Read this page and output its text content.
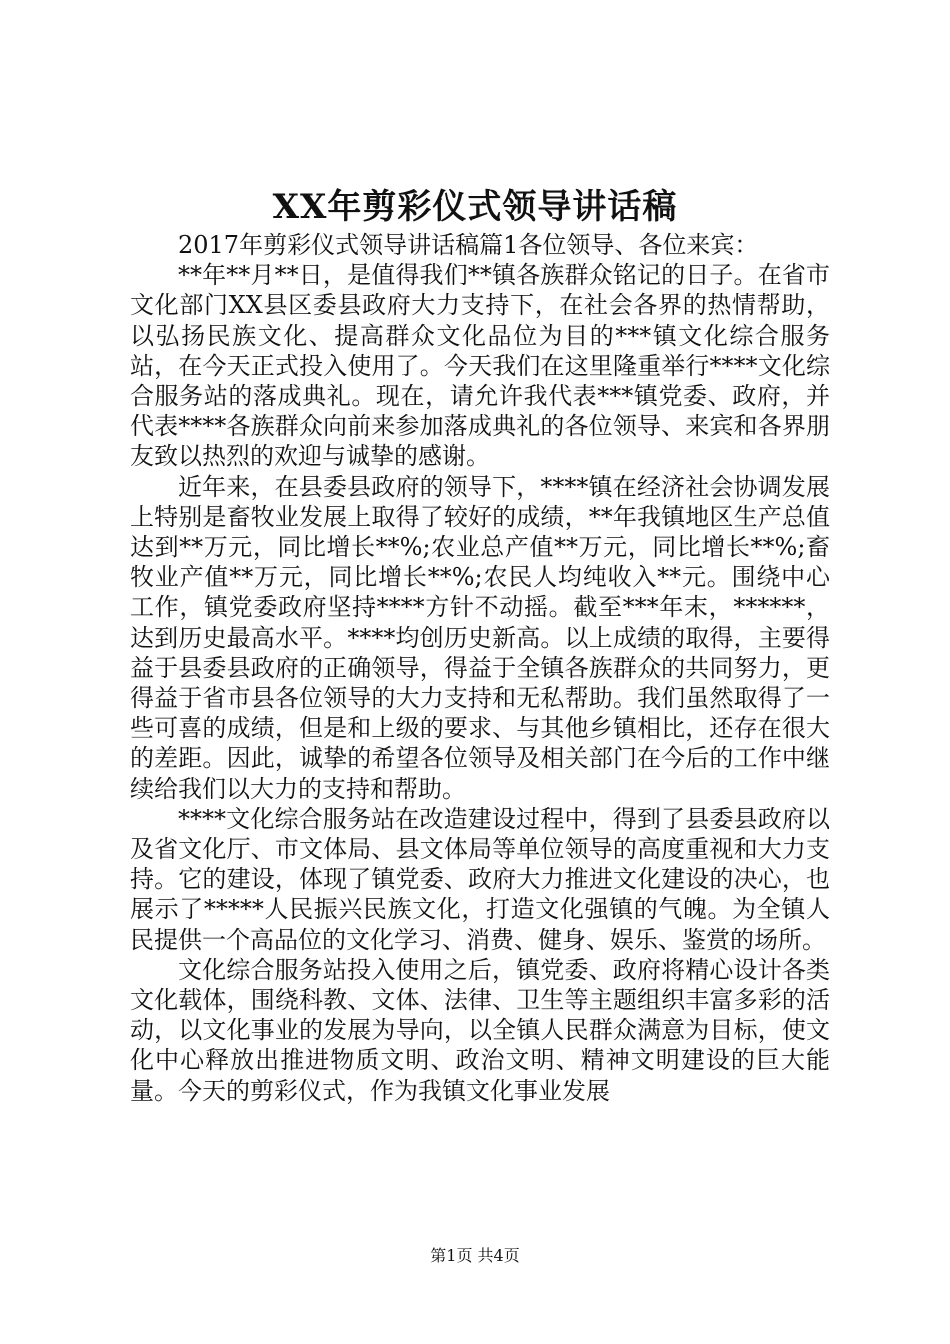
XX年剪彩仪式领导讲话稿

2017年剪彩仪式领导讲话稿篇1各位领导、各位来宾：

**年**月**日，是值得我们**镇各族群众铭记的日子。在省市文化部门XX县区委县政府大力支持下，在社会各界的热情帮助，以弘扬民族文化、提高群众文化品位为目的***镇文化综合服务站，在今天正式投入使用了。今天我们在这里隆重举行****文化综合服务站的落成典礼。现在，请允许我代表***镇党委、政府，并代表****各族群众向前来参加落成典礼的各位领导、来宾和各界朋友致以热烈的欢迎与诚挚的感谢。

近年来，在县委县政府的领导下，****镇在经济社会协调发展上特别是畜牧业发展上取得了较好的成绩，**年我镇地区生产总值达到**万元，同比增长**%;农业总产值**万元，同比增长**%;畜牧业产值**万元，同比增长**%;农民人均纯收入**元。围绕中心工作，镇党委政府坚持****方针不动摇。截至***年末，******，达到历史最高水平。****均创历史新高。以上成绩的取得，主要得益于县委县政府的正确领导，得益于全镇各族群众的共同努力，更得益于省市县各位领导的大力支持和无私帮助。我们虽然取得了一些可喜的成绩，但是和上级的要求、与其他乡镇相比，还存在很大的差距。因此，诚挚的希望各位领导及相关部门在今后的工作中继续给我们以大力的支持和帮助。

****文化综合服务站在改造建设过程中，得到了县委县政府以及省文化厅、市文体局、县文体局等单位领导的高度重视和大力支持。它的建设，体现了镇党委、政府大力推进文化建设的决心，也展示了*****人民振兴民族文化，打造文化强镇的气魄。为全镇人民提供一个高品位的文化学习、消费、健身、娱乐、鉴赏的场所。

文化综合服务站投入使用之后，镇党委、政府将精心设计各类文化载体，围绕科教、文体、法律、卫生等主题组织丰富多彩的活动，以文化事业的发展为导向，以全镇人民群众满意为目标，使文化中心释放出推进物质文明、政治文明、精神文明建设的巨大能量。今天的剪彩仪式，作为我镇文化事业发展

第1页 共4页
